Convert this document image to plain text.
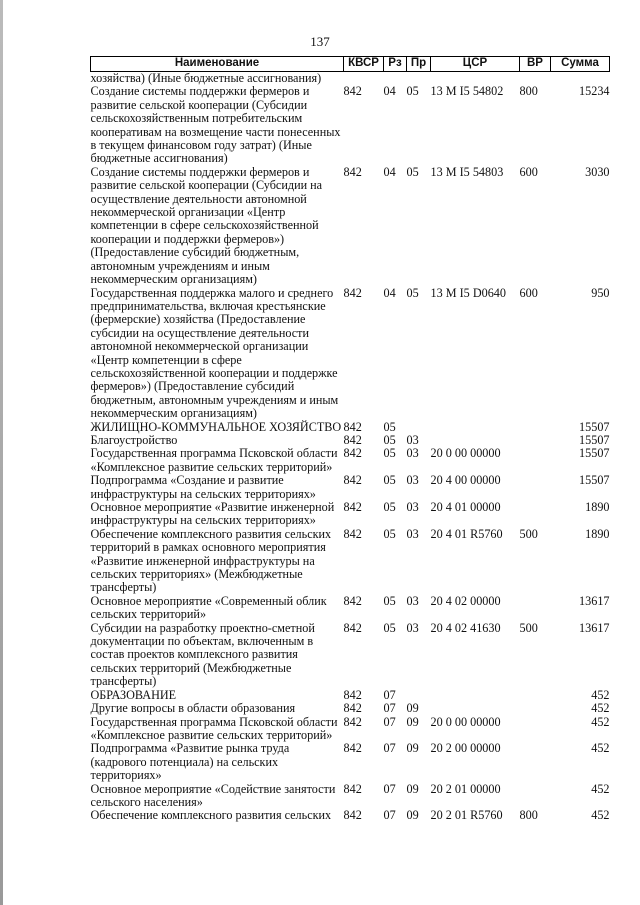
137
Наименование	КВСР	Рз	Пр	ЦСР	ВР	Сумма
хозяйства) (Иные бюджетные ассигнования)						
Создание системы поддержки фермеров и развитие сельской кооперации (Субсидии сельскохозяйственным потребительским кооперативам на возмещение части понесенных в текущем финансовом году затрат) (Иные бюджетные ассигнования)	842	04	05	13 М I5 54802	800	15234
Создание системы поддержки фермеров и развитие сельской кооперации (Субсидии на осуществление деятельности автономной некоммерческой организации «Центр компетенции в сфере сельскохозяйственной кооперации и поддержки фермеров») (Предоставление субсидий бюджетным, автономным учреждениям и иным некоммерческим организациям)	842	04	05	13 М I5 54803	600	3030
Государственная поддержка малого и среднего предпринимательства, включая крестьянские (фермерские) хозяйства (Предоставление субсидии на осуществление деятельности автономной некоммерческой организации «Центр компетенции в сфере сельскохозяйственной кооперации и поддержке фермеров») (Предоставление субсидий бюджетным, автономным учреждениям и иным некоммерческим организациям)	842	04	05	13 М I5 D0640	600	950
ЖИЛИЩНО-КОММУНАЛЬНОЕ ХОЗЯЙСТВО	842	05				15507
Благоустройство	842	05	03			15507
Государственная программа Псковской области «Комплексное развитие сельских территорий»	842	05	03	20 0 00 00000		15507
Подпрограмма «Создание и развитие инфраструктуры на сельских территориях»	842	05	03	20 4 00 00000		15507
Основное мероприятие «Развитие инженерной инфраструктуры на сельских территориях»	842	05	03	20 4 01 00000		1890
Обеспечение комплексного развития сельских территорий в рамках основного мероприятия «Развитие инженерной инфраструктуры на сельских территориях» (Межбюджетные трансферты)	842	05	03	20 4 01 R5760	500	1890
Основное мероприятие «Современный облик сельских территорий»	842	05	03	20 4 02 00000		13617
Субсидии на разработку проектно-сметной документации по объектам, включенным в состав проектов комплексного развития сельских территорий (Межбюджетные трансферты)	842	05	03	20 4 02 41630	500	13617
ОБРАЗОВАНИЕ	842	07				452
Другие вопросы в области образования	842	07	09			452
Государственная программа Псковской области «Комплексное развитие сельских территорий»	842	07	09	20 0 00 00000		452
Подпрограмма «Развитие рынка труда (кадрового потенциала) на сельских территориях»	842	07	09	20 2 00 00000		452
Основное мероприятие «Содействие занятости сельского населения»	842	07	09	20 2 01 00000		452
Обеспечение комплексного развития сельских	842	07	09	20 2 01 R5760	800	452
